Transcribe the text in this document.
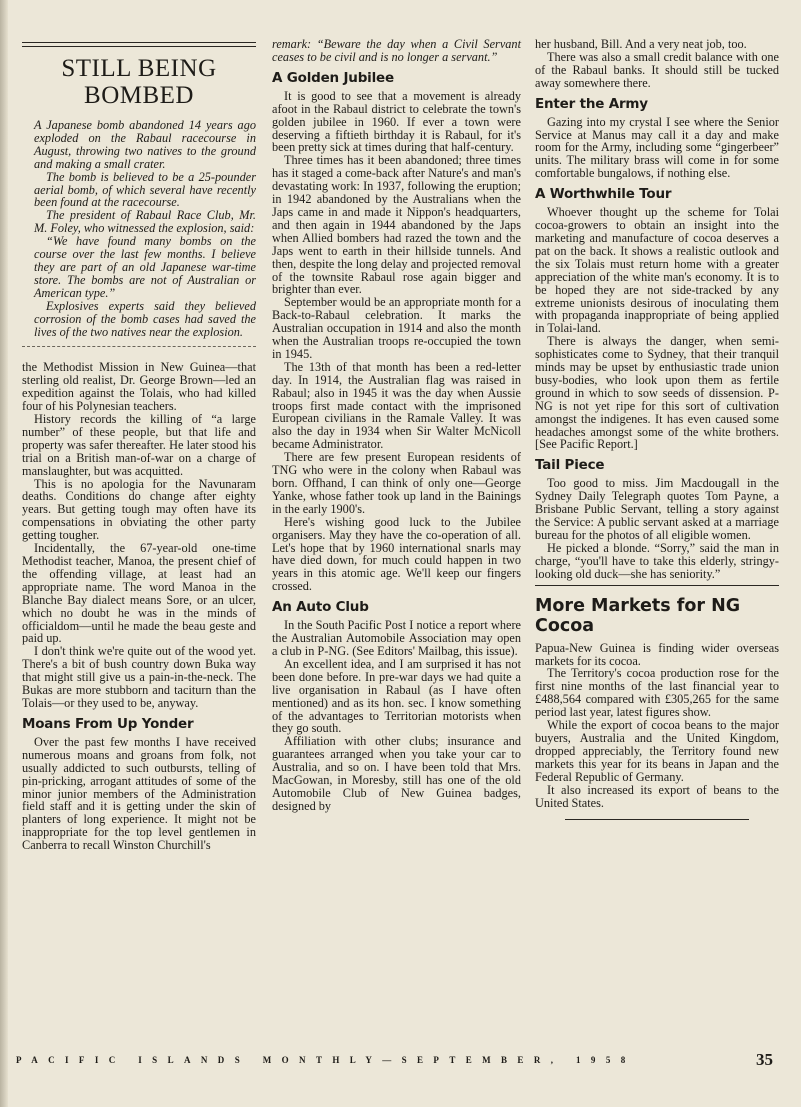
STILL BEING BOMBED

A Japanese bomb abandoned 14 years ago exploded on the Rabaul racecourse in August, throwing two natives to the ground and making a small crater.

The bomb is believed to be a 25-pounder aerial bomb, of which several have recently been found at the racecourse.

The president of Rabaul Race Club, Mr. M. Foley, who witnessed the explosion, said:

“We have found many bombs on the course over the last few months. I believe they are part of an old Japanese war-time store. The bombs are not of Australian or American type.”

Explosives experts said they believed corrosion of the bomb cases had saved the lives of the two natives near the explosion.

the Methodist Mission in New Guinea—that sterling old realist, Dr. George Brown—led an expedition against the Tolais, who had killed four of his Polynesian teachers.

History records the killing of “a large number” of these people, but that life and property was safer thereafter. He later stood his trial on a British man-of-war on a charge of manslaughter, but was acquitted.

This is no apologia for the Navunaram deaths. Conditions do change after eighty years. But getting tough may often have its compensations in obviating the other party getting tougher.

Incidentally, the 67-year-old one-time Methodist teacher, Manoa, the present chief of the offending village, at least had an appropriate name. The word Manoa in the Blanche Bay dialect means Sore, or an ulcer, which no doubt he was in the minds of officialdom—until he made the beau geste and paid up.

I don't think we're quite out of the wood yet. There's a bit of bush country down Buka way that might still give us a pain-in-the-neck. The Bukas are more stubborn and taciturn than the Tolais—or they used to be, anyway.

Moans From Up Yonder

Over the past few months I have received numerous moans and groans from folk, not usually addicted to such outbursts, telling of pin-pricking, arrogant attitudes of some of the minor junior members of the Administration field staff and it is getting under the skin of planters of long experience. It might not be inappropriate for the top level gentlemen in Canberra to recall Winston Churchill's

remark: “Beware the day when a Civil Servant ceases to be civil and is no longer a servant.”

A Golden Jubilee

It is good to see that a movement is already afoot in the Rabaul district to celebrate the town's golden jubilee in 1960. If ever a town were deserving a fiftieth birthday it is Rabaul, for it's been pretty sick at times during that half-century.

Three times has it been abandoned; three times has it staged a come-back after Nature's and man's devastating work: In 1937, following the eruption; in 1942 abandoned by the Australians when the Japs came in and made it Nippon's headquarters, and then again in 1944 abandoned by the Japs when Allied bombers had razed the town and the Japs went to earth in their hillside tunnels. And then, despite the long delay and projected removal of the townsite Rabaul rose again bigger and brighter than ever.

September would be an appropriate month for a Back-to-Rabaul celebration. It marks the Australian occupation in 1914 and also the month when the Australian troops re-occupied the town in 1945.

The 13th of that month has been a red-letter day. In 1914, the Australian flag was raised in Rabaul; also in 1945 it was the day when Aussie troops first made contact with the imprisoned European civilians in the Ramale Valley. It was also the day in 1934 when Sir Walter McNicoll became Administrator.

There are few present European residents of TNG who were in the colony when Rabaul was born. Offhand, I can think of only one—George Yanke, whose father took up land in the Bainings in the early 1900's.

Here's wishing good luck to the Jubilee organisers. May they have the co-operation of all. Let's hope that by 1960 international snarls may have died down, for much could happen in two years in this atomic age. We'll keep our fingers crossed.

An Auto Club

In the South Pacific Post I notice a report where the Australian Automobile Association may open a club in P-NG. (See Editors' Mailbag, this issue).

An excellent idea, and I am surprised it has not been done before. In pre-war days we had quite a live organisation in Rabaul (as I have often mentioned) and as its hon. sec. I know something of the advantages to Territorian motorists when they go south.

Affiliation with other clubs; insurance and guarantees arranged when you take your car to Australia, and so on. I have been told that Mrs. MacGowan, in Moresby, still has one of the old Automobile Club of New Guinea badges, designed by

her husband, Bill. And a very neat job, too.

There was also a small credit balance with one of the Rabaul banks. It should still be tucked away somewhere there.

Enter the Army

Gazing into my crystal I see where the Senior Service at Manus may call it a day and make room for the Army, including some “gingerbeer” units. The military brass will come in for some comfortable bungalows, if nothing else.

A Worthwhile Tour

Whoever thought up the scheme for Tolai cocoa-growers to obtain an insight into the marketing and manufacture of cocoa deserves a pat on the back. It shows a realistic outlook and the six Tolais must return home with a greater appreciation of the white man's economy. It is to be hoped they are not side-tracked by any extreme unionists desirous of inoculating them with propaganda inappropriate of being applied in Tolai-land.

There is always the danger, when semi-sophisticates come to Sydney, that their tranquil minds may be upset by enthusiastic trade union busy-bodies, who look upon them as fertile ground in which to sow seeds of dissension. P-NG is not yet ripe for this sort of cultivation amongst the indigenes. It has even caused some headaches amongst some of the white brothers. [See Pacific Report.]

Tail Piece

Too good to miss. Jim Macdougall in the Sydney Daily Telegraph quotes Tom Payne, a Brisbane Public Servant, telling a story against the Service: A public servant asked at a marriage bureau for the photos of all eligible women.

He picked a blonde. “Sorry,” said the man in charge, “you'll have to take this elderly, stringy-looking old duck—she has seniority.”

More Markets for NG Cocoa

Papua-New Guinea is finding wider overseas markets for its cocoa.

The Territory's cocoa production rose for the first nine months of the last financial year to £488,564 compared with £305,265 for the same period last year, latest figures show.

While the export of cocoa beans to the major buyers, Australia and the United Kingdom, dropped appreciably, the Territory found new markets this year for its beans in Japan and the Federal Republic of Germany.

It also increased its export of beans to the United States.

PACIFIC ISLANDS MONTHLY—SEPTEMBER, 1958	35
